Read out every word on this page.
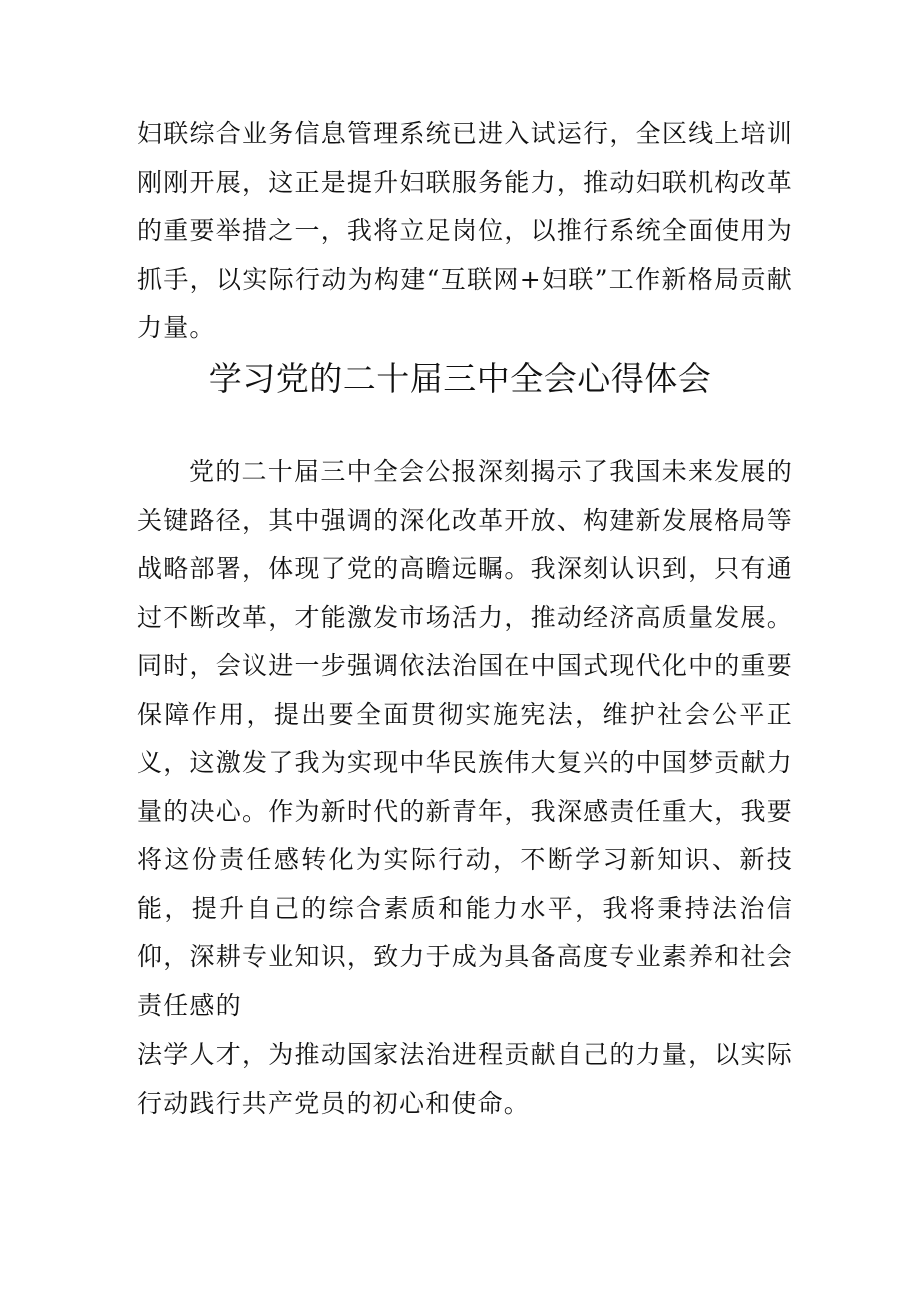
妇联综合业务信息管理系统已进入试运行，全区线上培训刚刚开展，这正是提升妇联服务能力，推动妇联机构改革的重要举措之一，我将立足岗位，以推行系统全面使用为抓手，以实际行动为构建“互联网+妇联”工作新格局贡献力量。

学习党的二十届三中全会心得体会

党的二十届三中全会公报深刻揭示了我国未来发展的关键路径，其中强调的深化改革开放、构建新发展格局等战略部署，体现了党的高瞻远瞩。我深刻认识到，只有通过不断改革，才能激发市场活力，推动经济高质量发展。同时，会议进一步强调依法治国在中国式现代化中的重要保障作用，提出要全面贯彻实施宪法，维护社会公平正义，这激发了我为实现中华民族伟大复兴的中国梦贡献力量的决心。作为新时代的新青年，我深感责任重大，我要将这份责任感转化为实际行动，不断学习新知识、新技能，提升自己的综合素质和能力水平，我将秉持法治信仰，深耕专业知识，致力于成为具备高度专业素养和社会责任感的

法学人才，为推动国家法治进程贡献自己的力量，以实际行动践行共产党员的初心和使命。
